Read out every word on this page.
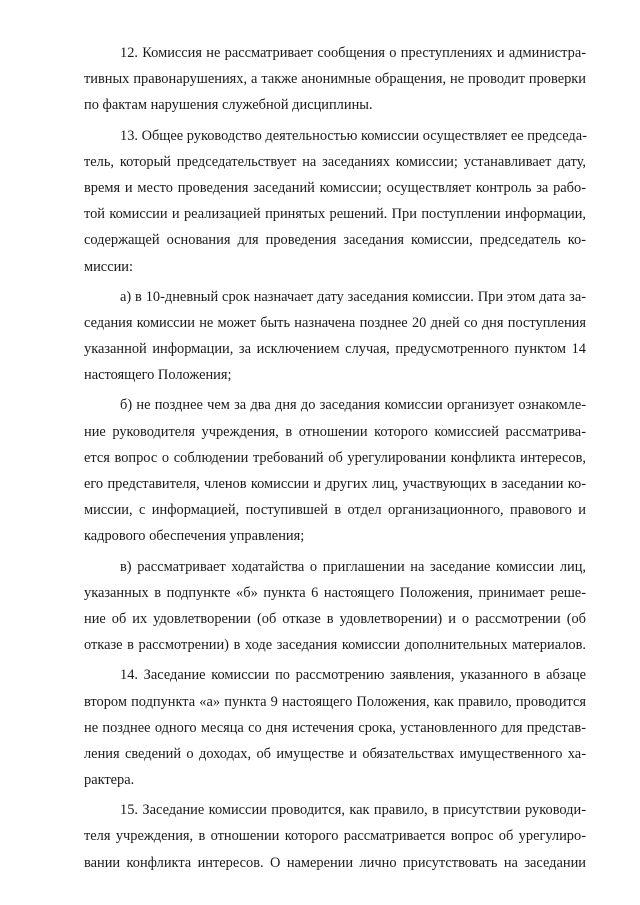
12. Комиссия не рассматривает сообщения о преступлениях и администра-
тивных правонарушениях, а также анонимные обращения, не проводит проверки
по фактам нарушения служебной дисциплины.
13. Общее руководство деятельностью комиссии осуществляет ее председа-
тель, который председательствует на заседаниях комиссии; устанавливает дату,
время и место проведения заседаний комиссии; осуществляет контроль за рабо-
той комиссии и реализацией принятых решений. При поступлении информации,
содержащей основания для проведения заседания комиссии, председатель ко-
миссии:
а) в 10-дневный срок назначает дату заседания комиссии. При этом дата за-
седания комиссии не может быть назначена позднее 20 дней со дня поступления
указанной информации, за исключением случая, предусмотренного пунктом 14
настоящего Положения;
б) не позднее чем за два дня до заседания комиссии организует ознакомле-
ние руководителя учреждения, в отношении которого комиссией рассматрива-
ется вопрос о соблюдении требований об урегулировании конфликта интересов,
его представителя, членов комиссии и других лиц, участвующих в заседании ко-
миссии, с информацией, поступившей в отдел организационного, правового и
кадрового обеспечения управления;
в) рассматривает ходатайства о приглашении на заседание комиссии лиц,
указанных в подпункте «б» пункта 6 настоящего Положения, принимает реше-
ние об их удовлетворении (об отказе в удовлетворении) и о рассмотрении (об
отказе в рассмотрении) в ходе заседания комиссии дополнительных материалов.
14. Заседание комиссии по рассмотрению заявления, указанного в абзаце
втором подпункта «а» пункта 9 настоящего Положения, как правило, проводится
не позднее одного месяца со дня истечения срока, установленного для представ-
ления сведений о доходах, об имуществе и обязательствах имущественного ха-
рактера.
15. Заседание комиссии проводится, как правило, в присутствии руководи-
теля учреждения, в отношении которого рассматривается вопрос об урегулиро-
вании конфликта интересов. О намерении лично присутствовать на заседании
